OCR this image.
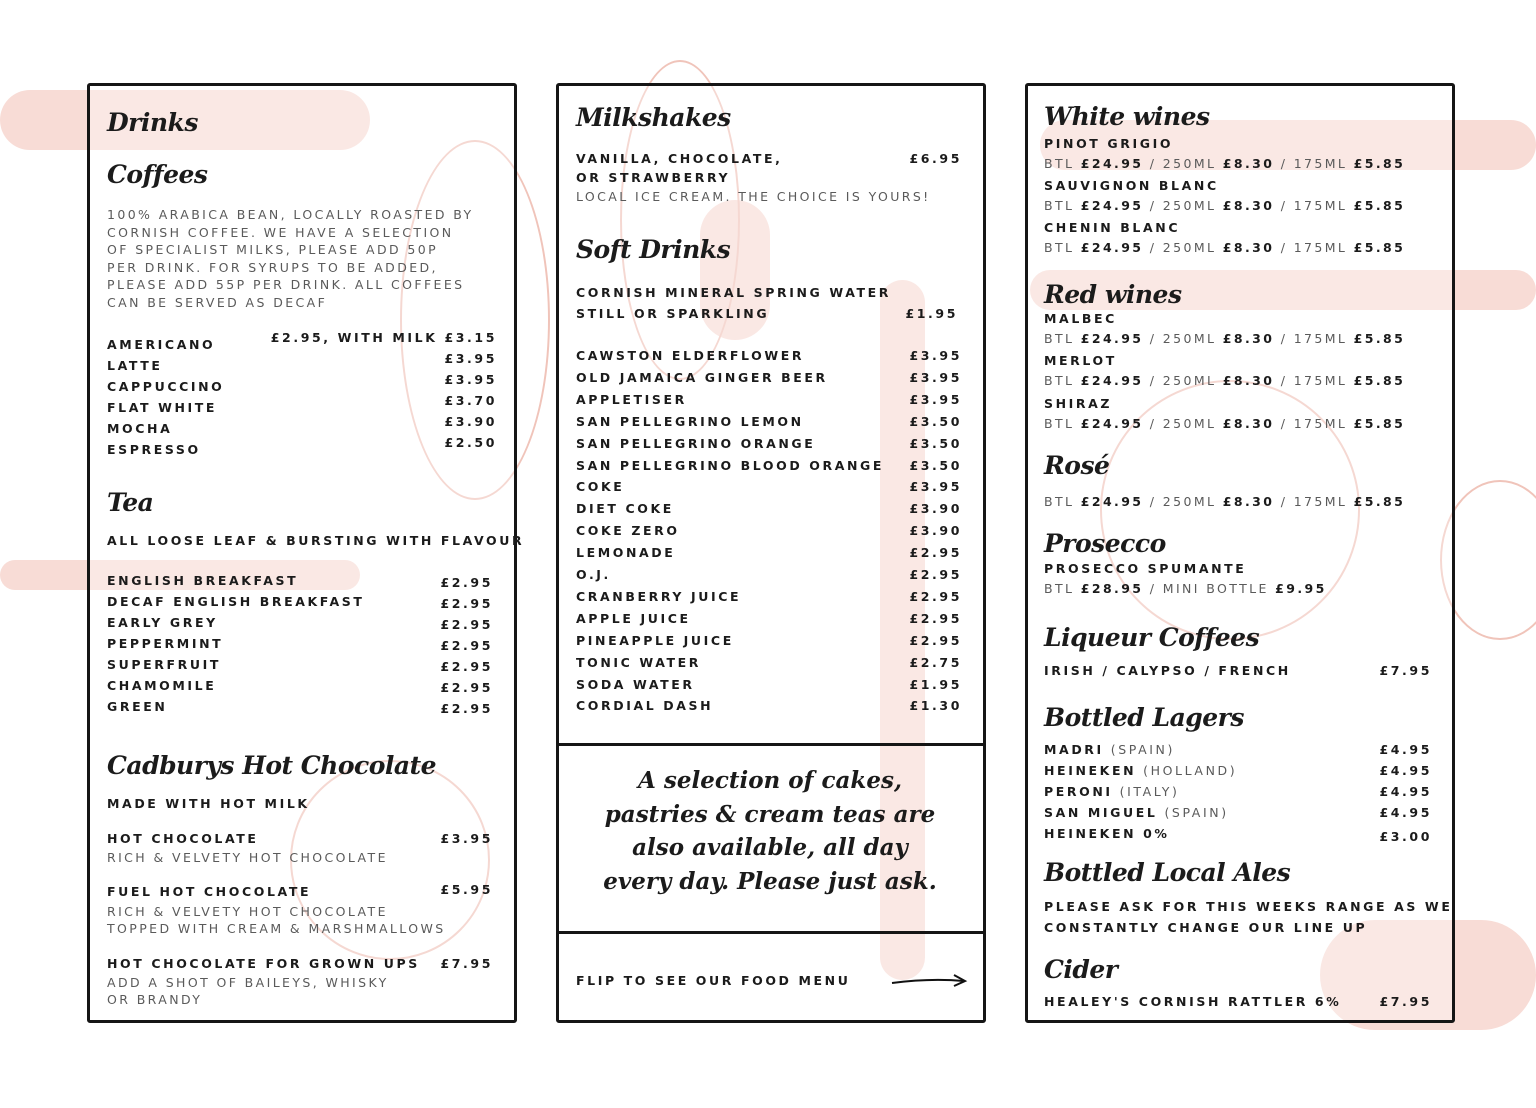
Drinks
Coffees
100% ARABICA BEAN, LOCALLY ROASTED BY
CORNISH COFFEE. WE HAVE A SELECTION
OF SPECIALIST MILKS, PLEASE ADD 50P
PER DRINK. FOR SYRUPS TO BE ADDED,
PLEASE ADD 55P PER DRINK. ALL COFFEES
CAN BE SERVED AS DECAF
AMERICANO	£2.95, WITH MILK £3.15
LATTE	£3.95
CAPPUCCINO	£3.95
FLAT WHITE	£3.70
MOCHA	£3.90
ESPRESSO	£2.50
Tea
ALL LOOSE LEAF & BURSTING WITH FLAVOUR
ENGLISH BREAKFAST	£2.95
DECAF ENGLISH BREAKFAST	£2.95
EARLY GREY	£2.95
PEPPERMINT	£2.95
SUPERFRUIT	£2.95
CHAMOMILE	£2.95
GREEN	£2.95
Cadburys Hot Chocolate
MADE WITH HOT MILK
HOT CHOCOLATE	£3.95
RICH & VELVETY HOT CHOCOLATE
FUEL HOT CHOCOLATE	£5.95
RICH & VELVETY HOT CHOCOLATE
TOPPED WITH CREAM & MARSHMALLOWS
HOT CHOCOLATE FOR GROWN UPS £7.95
ADD A SHOT OF BAILEYS, WHISKY
OR BRANDY
Milkshakes
VANILLA, CHOCOLATE,
OR STRAWBERRY
£6.95
LOCAL ICE CREAM. THE CHOICE IS YOURS!
Soft Drinks
CORNISH MINERAL SPRING WATER
STILL OR SPARKLING	£1.95
CAWSTON ELDERFLOWER	£3.95
OLD JAMAICA GINGER BEER	£3.95
APPLETISER	£3.95
SAN PELLEGRINO LEMON	£3.50
SAN PELLEGRINO ORANGE	£3.50
SAN PELLEGRINO BLOOD ORANGE £3.50
COKE	£3.95
DIET COKE	£3.90
COKE ZERO	£3.90
LEMONADE	£2.95
O.J.	£2.95
CRANBERRY JUICE	£2.95
APPLE JUICE	£2.95
PINEAPPLE JUICE	£2.95
TONIC WATER	£2.75
SODA WATER	£1.95
CORDIAL DASH	£1.30
A selection of cakes,
pastries & cream teas are
also available, all day
every day. Please just ask.
FLIP TO SEE OUR FOOD MENU
White wines
PINOT GRIGIO
BTL £24.95 / 250ML £8.30 / 175ML £5.85
SAUVIGNON BLANC
BTL £24.95 / 250ML £8.30 / 175ML £5.85
CHENIN BLANC
BTL £24.95 / 250ML £8.30 / 175ML £5.85
Red wines
MALBEC
BTL £24.95 / 250ML £8.30 / 175ML £5.85
MERLOT
BTL £24.95 / 250ML £8.30 / 175ML £5.85
SHIRAZ
BTL £24.95 / 250ML £8.30 / 175ML £5.85
Rosé
BTL £24.95 / 250ML £8.30 / 175ML £5.85
Prosecco
PROSECCO SPUMANTE
BTL £28.95 / MINI BOTTLE £9.95
Liqueur Coffees
IRISH / CALYPSO / FRENCH	£7.95
Bottled Lagers
MADRI (SPAIN)	£4.95
HEINEKEN (HOLLAND)	£4.95
PERONI (ITALY)	£4.95
SAN MIGUEL (SPAIN)	£4.95
HEINEKEN 0%	£3.00
Bottled Local Ales
PLEASE ASK FOR THIS WEEKS RANGE AS WE
CONSTANTLY CHANGE OUR LINE UP
Cider
HEALEY'S CORNISH RATTLER 6%	£7.95
